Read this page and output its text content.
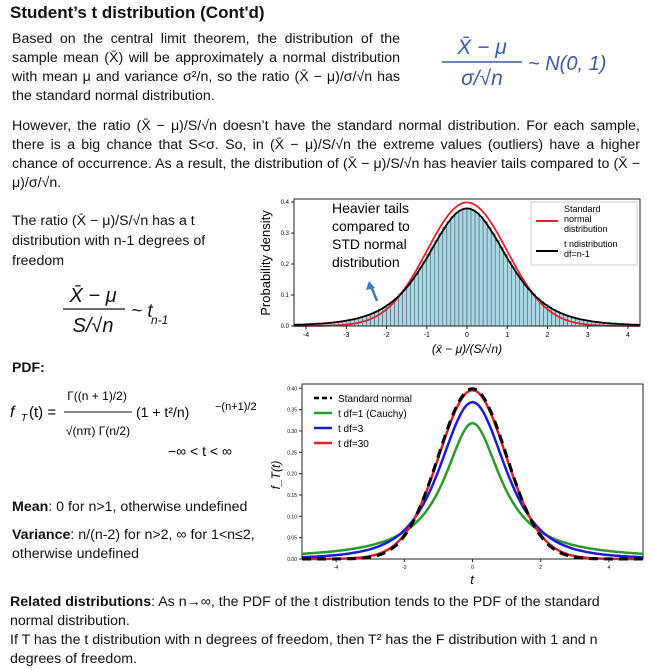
Student’s t distribution (Cont'd)
Based on the central limit theorem, the distribution of the sample mean (X̄) will be approximately a normal distribution with mean μ and variance σ²/n, so the ratio (X̄ − μ)/σ/√n has the standard normal distribution.
X̄ − μ
σ/√n
~ N(0, 1)
However, the ratio (X̄ − μ)/S/√n doesn’t have the standard normal distribution. For each sample, there is a big chance that S<σ. So, in (X̄ − μ)/S/√n the extreme values (outliers) have a higher chance of occurrence. As a result, the distribution of (X̄ − μ)/S/√n has heavier tails compared to (X̄ − μ)/σ/√n.
The ratio (X̄ − μ)/S/√n has a t distribution with n-1 degrees of freedom
X̄ − μ
S/√n
~ t
n-1
PDF:
f T (t) =
Γ((n + 1)/2)
√(nπ) Γ(n/2)
(1 + t²/n) −(n+1)/2
−∞ < t < ∞
Mean: 0 for n>1, otherwise undefined
Variance: n/(n-2) for n>2, ∞ for 1<n≤2, otherwise undefined
Related distributions: As n→∞, the PDF of the t distribution tends to the PDF of the standard normal distribution.
If T has the t distribution with n degrees of freedom, then T² has the F distribution with 1 and n degrees of freedom.
-4	-3	-2	-1	0	1	2	3	4
0.0
0.1
0.2
0.3
0.4
Probability density
(x̄ − μ)/(S/√n)
Heavier tails
compared to
STD normal
distribution
Standard
normal
distribution
t ndistribution
df=n-1
-4	-2	0	2	4
0.00
0.05
0.10
0.15
0.20
0.25
0.30
0.35
0.40
f_T(t)
t
Standard normal
t df=1 (Cauchy)
t df=3
t df=30
